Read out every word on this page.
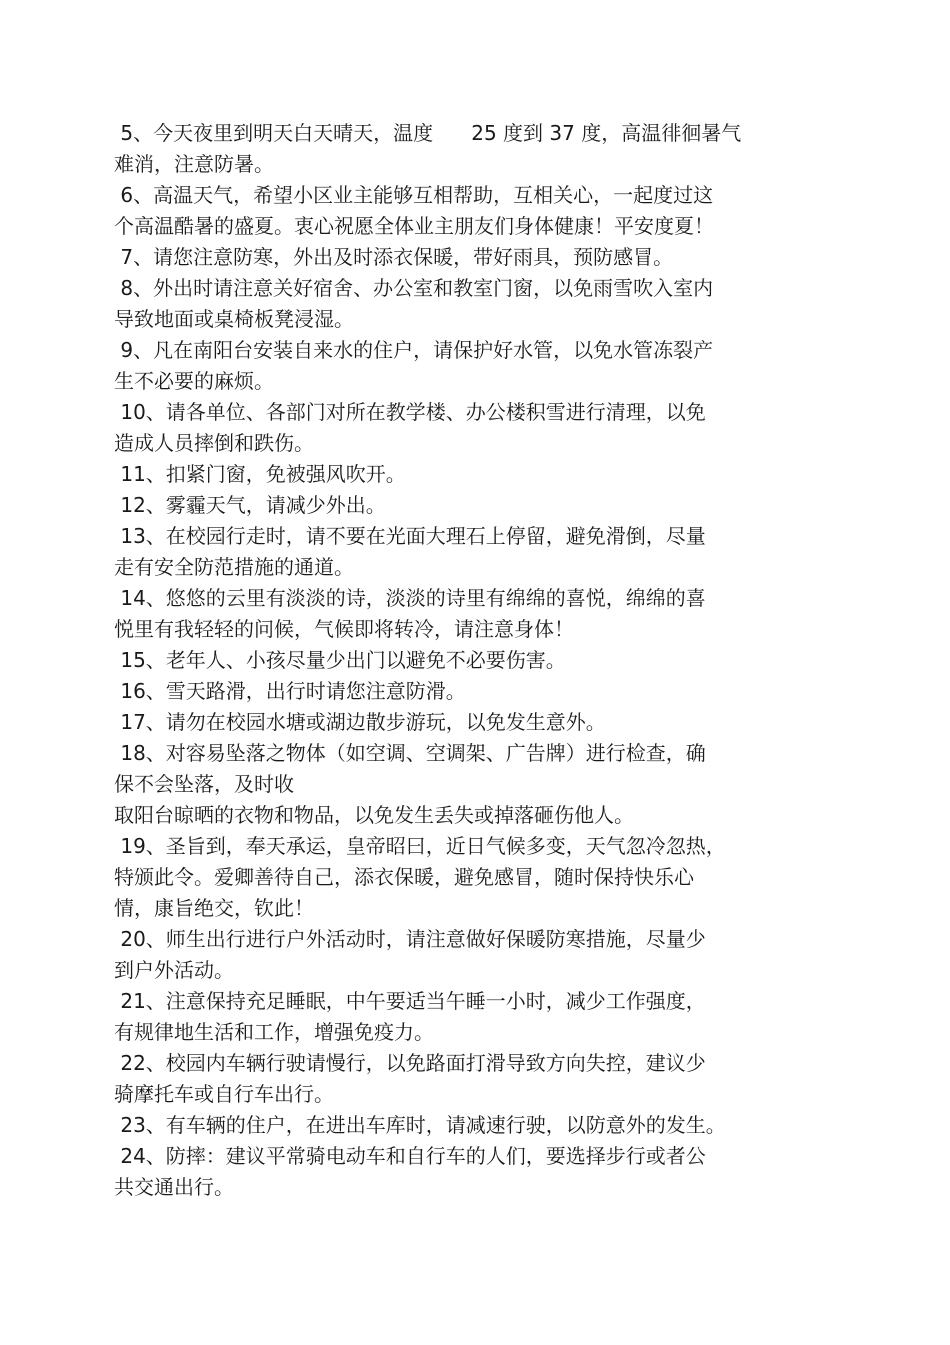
5、今天夜里到明天白天晴天，温度      25 度到 37 度，高温徘徊暑气
难消，注意防暑。
6、高温天气，希望小区业主能够互相帮助，互相关心，一起度过这
个高温酷暑的盛夏。衷心祝愿全体业主朋友们身体健康！平安度夏！
7、请您注意防寒，外出及时添衣保暖，带好雨具，预防感冒。
8、外出时请注意关好宿舍、办公室和教室门窗，以免雨雪吹入室内
导致地面或桌椅板凳浸湿。
9、凡在南阳台安装自来水的住户，请保护好水管，以免水管冻裂产
生不必要的麻烦。
10、请各单位、各部门对所在教学楼、办公楼积雪进行清理，以免
造成人员摔倒和跌伤。
11、扣紧门窗，免被强风吹开。
12、雾霾天气，请减少外出。
13、在校园行走时，请不要在光面大理石上停留，避免滑倒，尽量
走有安全防范措施的通道。
14、悠悠的云里有淡淡的诗，淡淡的诗里有绵绵的喜悦，绵绵的喜
悦里有我轻轻的问候，气候即将转冷，请注意身体！
15、老年人、小孩尽量少出门以避免不必要伤害。
16、雪天路滑，出行时请您注意防滑。
17、请勿在校园水塘或湖边散步游玩，以免发生意外。
18、对容易坠落之物体（如空调、空调架、广告牌）进行检查，确
保不会坠落，及时收
取阳台晾晒的衣物和物品，以免发生丢失或掉落砸伤他人。
19、圣旨到，奉天承运，皇帝昭曰，近日气候多变，天气忽冷忽热，
特颁此令。爱卿善待自己，添衣保暖，避免感冒，随时保持快乐心
情，康旨绝交，钦此！
20、师生出行进行户外活动时，请注意做好保暖防寒措施，尽量少
到户外活动。
21、注意保持充足睡眠，中午要适当午睡一小时，减少工作强度，
有规律地生活和工作，增强免疫力。
22、校园内车辆行驶请慢行，以免路面打滑导致方向失控，建议少
骑摩托车或自行车出行。
23、有车辆的住户，在进出车库时，请减速行驶，以防意外的发生。
24、防摔：建议平常骑电动车和自行车的人们，要选择步行或者公
共交通出行。
